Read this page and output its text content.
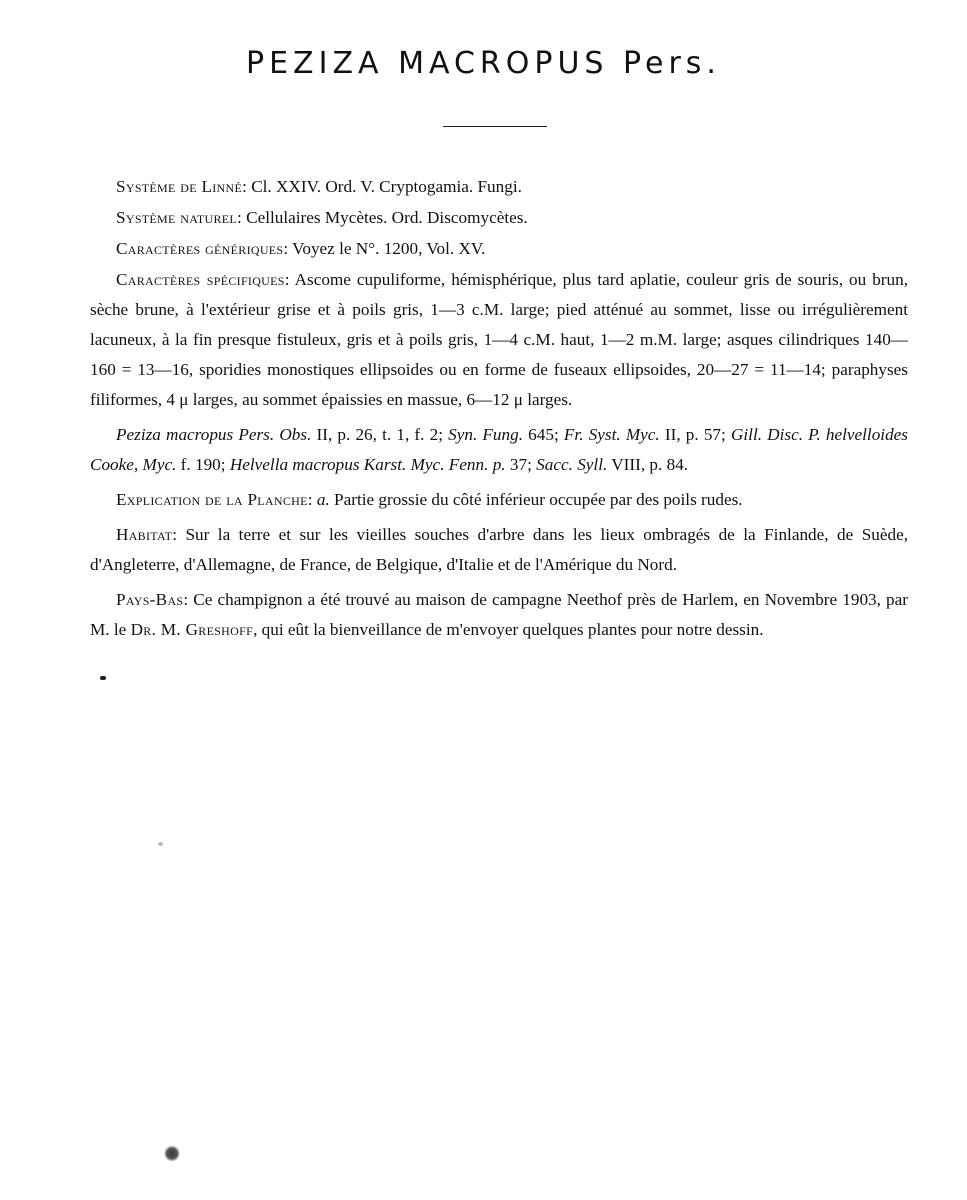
PEZIZA MACROPUS Pers.

Système de Linné: Cl. XXIV. Ord. V. Cryptogamia. Fungi.

Système naturel: Cellulaires Mycètes. Ord. Discomycètes.

Caractères génériques: Voyez le N°. 1200, Vol. XV.

Caractères spécifiques: Ascome cupuliforme, hémisphérique, plus tard aplatie, couleur gris de souris, ou brun, sèche brune, à l'extérieur grise et à poils gris, 1—3 c.M. large; pied atténué au sommet, lisse ou irrégulièrement lacuneux, à la fin presque fistuleux, gris et à poils gris, 1—4 c.M. haut, 1—2 m.M. large; asques cilindriques 140—160 = 13—16, sporidies monostiques ellipsoides ou en forme de fuseaux ellipsoides, 20—27 = 11—14; paraphyses filiformes, 4 μ larges, au sommet épaissies en massue, 6—12 μ larges.

Peziza macropus Pers. Obs. II, p. 26, t. 1, f. 2; Syn. Fung. 645; Fr. Syst. Myc. II, p. 57; Gill. Disc. P. helvelloides Cooke, Myc. f. 190; Helvella macropus Karst. Myc. Fenn. p. 37; Sacc. Syll. VIII, p. 84.

Explication de la Planche: a. Partie grossie du côté inférieur occupée par des poils rudes.

Habitat: Sur la terre et sur les vieilles souches d'arbre dans les lieux ombragés de la Finlande, de Suède, d'Angleterre, d'Allemagne, de France, de Belgique, d'Italie et de l'Amérique du Nord.

Pays-Bas: Ce champignon a été trouvé au maison de campagne Neethof près de Harlem, en Novembre 1903, par M. le Dr. M. Greshoff, qui eût la bienveillance de m'envoyer quelques plantes pour notre dessin.
